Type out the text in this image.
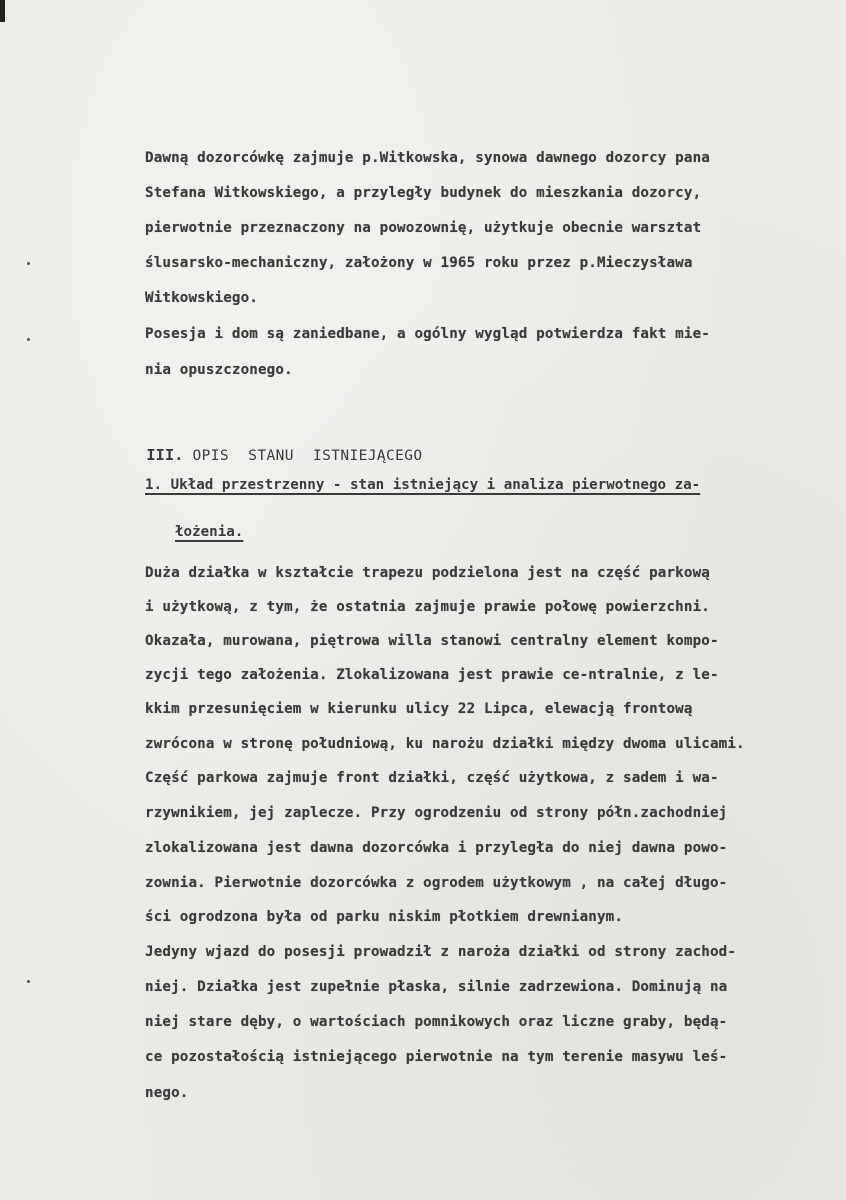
Dawną dozorcówkę zajmuje p.Witkowska, synowa dawnego dozorcy pana
Stefana Witkowskiego, a przyległy budynek do mieszkania dozorcy,
pierwotnie przeznaczony na powozownię, użytkuje obecnie warsztat
ślusarsko-mechaniczny, założony w 1965 roku przez p.Mieczysława
Witkowskiego.
Posesja i dom są zaniedbane, a ogólny wygląd potwierdza fakt mie-
nia opuszczonego.

III. OPIS STANU ISTNIEJĄCEGO

1. Układ przestrzenny - stan istniejący i analiza pierwotnego za-
łożenia.
Duża działka w kształcie trapezu podzielona jest na część parkową
i użytkową, z tym, że ostatnia zajmuje prawie połowę powierzchni.
Okazała, murowana, piętrowa willa stanowi centralny element kompo-
zycji tego założenia. Zlokalizowana jest prawie ce-ntralnie, z le-
kkim przesunięciem w kierunku ulicy 22 Lipca, elewacją frontową
zwrócona w stronę południową, ku narożu działki między dwoma ulicami.
Część parkowa zajmuje front działki, część użytkowa, z sadem i wa-
rzywnikiem, jej zaplecze. Przy ogrodzeniu od strony półn.zachodniej
zlokalizowana jest dawna dozorcówka i przyległa do niej dawna powo-
zownia. Pierwotnie dozorcówka z ogrodem użytkowym , na całej długo-
ści ogrodzona była od parku niskim płotkiem drewnianym.
Jedyny wjazd do posesji prowadził z naroża działki od strony zachod-
niej. Działka jest zupełnie płaska, silnie zadrzewiona. Dominują na
niej stare dęby, o wartościach pomnikowych oraz liczne graby, będą-
ce pozostałością istniejącego pierwotnie na tym terenie masywu leś-
nego.
